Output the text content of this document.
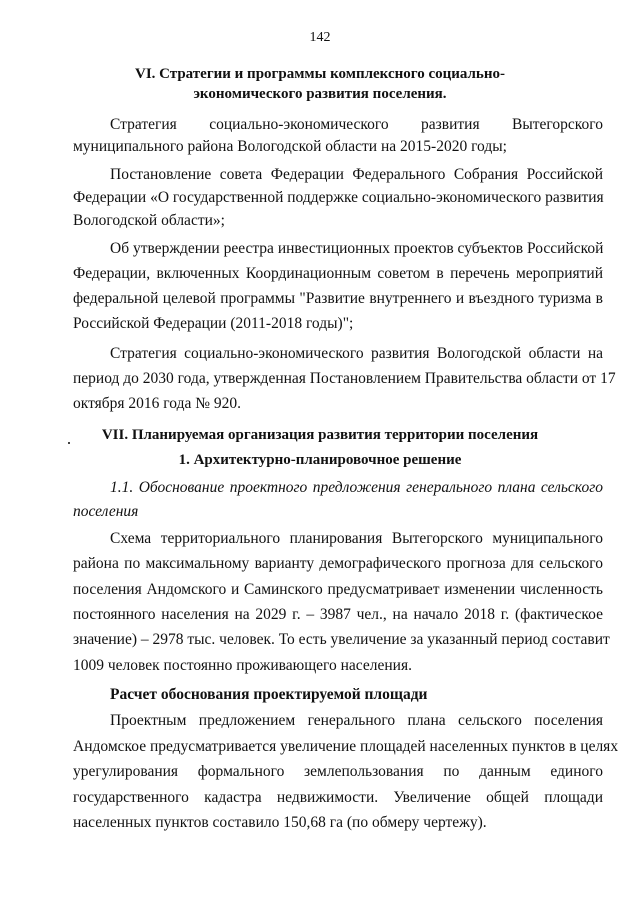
142
VI. Стратегии и программы комплексного социально-
экономического развития поселения.
Стратегия социально-экономического развития Вытегорского
муниципального района Вологодской области на 2015-2020 годы;
Постановление совета Федерации Федерального Собрания Российской
Федерации «О государственной поддержке социально-экономического развития
Вологодской области»;
Об утверждении реестра инвестиционных проектов субъектов Российской
Федерации, включенных Координационным советом в перечень мероприятий
федеральной целевой программы "Развитие внутреннего и въездного туризма в
Российской Федерации (2011-2018 годы)";
Стратегия социально-экономического развития Вологодской области на
период до 2030 года, утвержденная Постановлением Правительства области от 17
октября 2016 года № 920.
VII. Планируемая организация развития территории поселения
1. Архитектурно-планировочное решение
1.1. Обоснование проектного предложения генерального плана сельского
поселения
Схема территориального планирования Вытегорского муниципального
района по максимальному варианту демографического прогноза для сельского
поселения Андомского и Саминского предусматривает изменении численность
постоянного населения на 2029 г. – 3987 чел., на начало 2018 г. (фактическое
значение) – 2978 тыс. человек. То есть увеличение за указанный период составит
1009 человек постоянно проживающего населения.
Расчет обоснования проектируемой площади
Проектным предложением генерального плана сельского поселения
Андомское предусматривается увеличение площадей населенных пунктов в целях
урегулирования формального землепользования по данным единого
государственного кадастра недвижимости. Увеличение общей площади
населенных пунктов составило 150,68 га (по обмеру чертежу).
